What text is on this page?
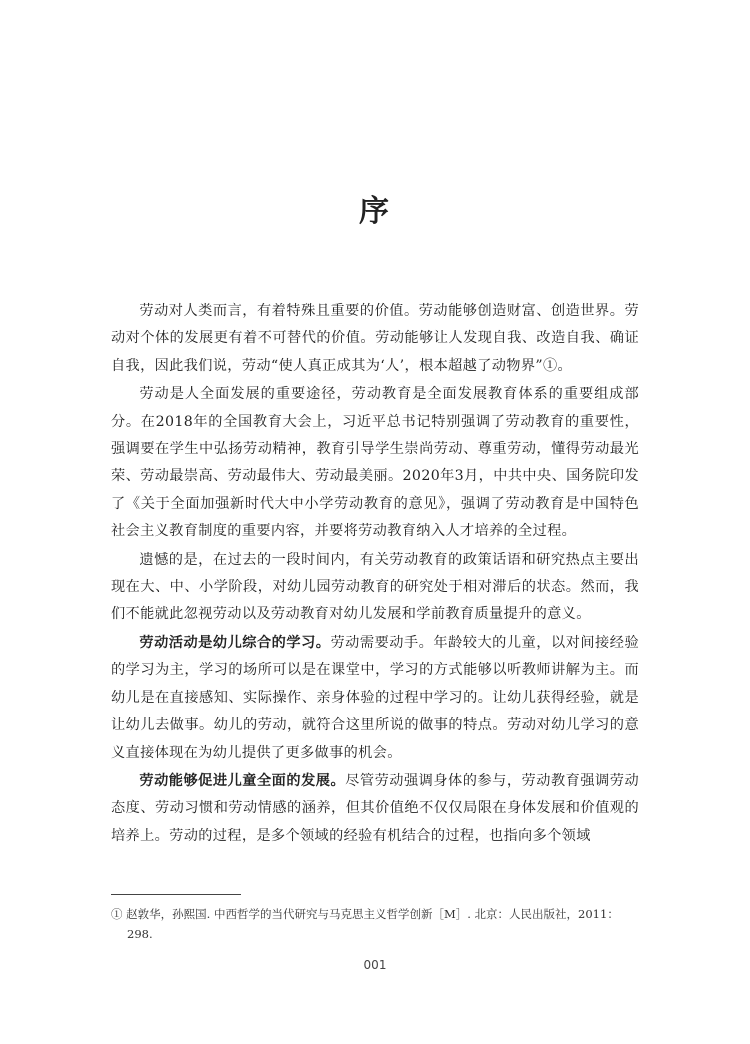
序

劳动对人类而言，有着特殊且重要的价值。劳动能够创造财富、创造世界。劳动对个体的发展更有着不可替代的价值。劳动能够让人发现自我、改造自我、确证自我，因此我们说，劳动“使人真正成其为‘人’，根本超越了动物界”①。

劳动是人全面发展的重要途径，劳动教育是全面发展教育体系的重要组成部分。在2018年的全国教育大会上，习近平总书记特别强调了劳动教育的重要性，强调要在学生中弘扬劳动精神，教育引导学生崇尚劳动、尊重劳动，懂得劳动最光荣、劳动最崇高、劳动最伟大、劳动最美丽。2020年3月，中共中央、国务院印发了《关于全面加强新时代大中小学劳动教育的意见》，强调了劳动教育是中国特色社会主义教育制度的重要内容，并要将劳动教育纳入人才培养的全过程。

遗憾的是，在过去的一段时间内，有关劳动教育的政策话语和研究热点主要出现在大、中、小学阶段，对幼儿园劳动教育的研究处于相对滞后的状态。然而，我们不能就此忽视劳动以及劳动教育对幼儿发展和学前教育质量提升的意义。

劳动活动是幼儿综合的学习。劳动需要动手。年龄较大的儿童，以对间接经验的学习为主，学习的场所可以是在课堂中，学习的方式能够以听教师讲解为主。而幼儿是在直接感知、实际操作、亲身体验的过程中学习的。让幼儿获得经验，就是让幼儿去做事。幼儿的劳动，就符合这里所说的做事的特点。劳动对幼儿学习的意义直接体现在为幼儿提供了更多做事的机会。

劳动能够促进儿童全面的发展。尽管劳动强调身体的参与，劳动教育强调劳动态度、劳动习惯和劳动情感的涵养，但其价值绝不仅仅局限在身体发展和价值观的培养上。劳动的过程，是多个领域的经验有机结合的过程，也指向多个领域

① 赵敦华，孙熙国. 中西哲学的当代研究与马克思主义哲学创新［M］. 北京：人民出版社，2011：
298.
001
